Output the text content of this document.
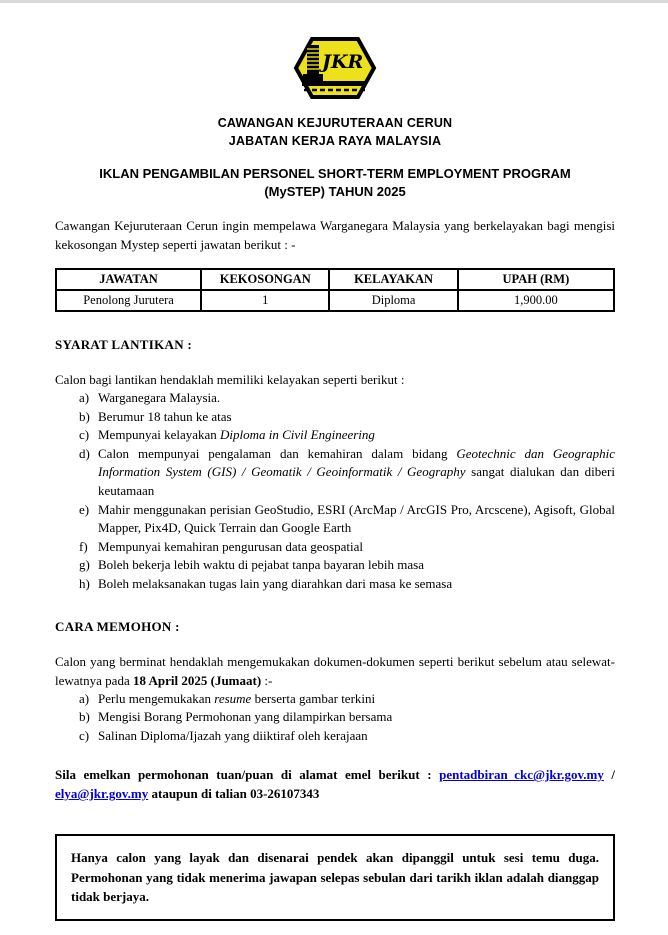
JKR
CAWANGAN KEJURUTERAAN CERUN
JABATAN KERJA RAYA MALAYSIA
IKLAN PENGAMBILAN PERSONEL SHORT-TERM EMPLOYMENT PROGRAM
(MySTEP) TAHUN 2025
Cawangan Kejuruteraan Cerun ingin mempelawa Warganegara Malaysia yang berkelayakan bagi mengisi kekosongan Mystep seperti jawatan berikut : -
JAWATAN	KEKOSONGAN	KELAYAKAN	UPAH (RM)
Penolong Jurutera	1	Diploma	1,900.00
SYARAT LANTIKAN :
Calon bagi lantikan hendaklah memiliki kelayakan seperti berikut :
a) Warganegara Malaysia.
b) Berumur 18 tahun ke atas
c) Mempunyai kelayakan Diploma in Civil Engineering
d) Calon mempunyai pengalaman dan kemahiran dalam bidang Geotechnic dan Geographic Information System (GIS) / Geomatik / Geoinformatik / Geography sangat dialukan dan diberi keutamaan
e) Mahir menggunakan perisian GeoStudio, ESRI (ArcMap / ArcGIS Pro, Arcscene), Agisoft, Global Mapper, Pix4D, Quick Terrain dan Google Earth
f) Mempunyai kemahiran pengurusan data geospatial
g) Boleh bekerja lebih waktu di pejabat tanpa bayaran lebih masa
h) Boleh melaksanakan tugas lain yang diarahkan dari masa ke semasa
CARA MEMOHON :
Calon yang berminat hendaklah mengemukakan dokumen-dokumen seperti berikut sebelum atau selewat-lewatnya pada 18 April 2025 (Jumaat) :-
a) Perlu mengemukakan resume berserta gambar terkini
b) Mengisi Borang Permohonan yang dilampirkan bersama
c) Salinan Diploma/Ijazah yang diiktiraf oleh kerajaan
Sila emelkan permohonan tuan/puan di alamat emel berikut : pentadbiran_ckc@jkr.gov.my / elya@jkr.gov.my ataupun di talian 03-26107343
Hanya calon yang layak dan disenarai pendek akan dipanggil untuk sesi temu duga. Permohonan yang tidak menerima jawapan selepas sebulan dari tarikh iklan adalah dianggap tidak berjaya.
